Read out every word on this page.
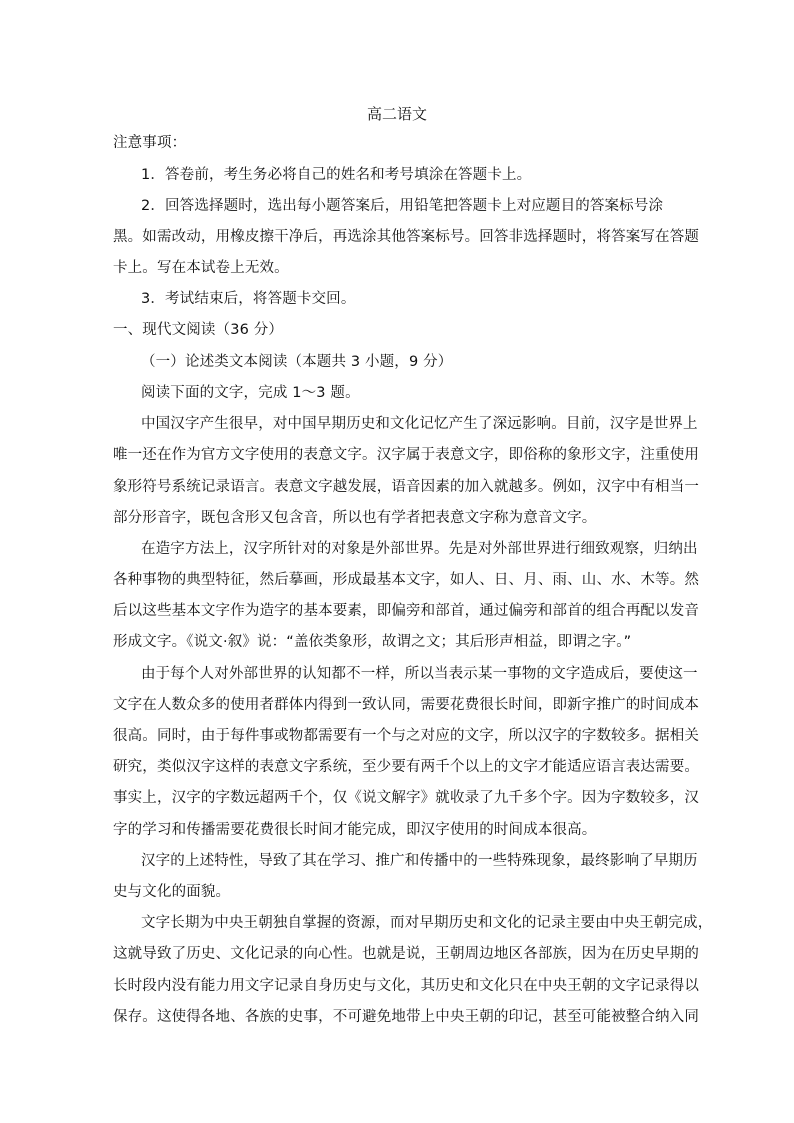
高二语文
注意事项：
1．答卷前，考生务必将自己的姓名和考号填涂在答题卡上。
2．回答选择题时，选出每小题答案后，用铅笔把答题卡上对应题目的答案标号涂
黑。如需改动，用橡皮擦干净后，再选涂其他答案标号。回答非选择题时，将答案写在答题
卡上。写在本试卷上无效。
3．考试结束后，将答题卡交回。
一、现代文阅读（36 分）
（一）论述类文本阅读（本题共 3 小题，9 分）
阅读下面的文字，完成 1～3 题。
中国汉字产生很早，对中国早期历史和文化记忆产生了深远影响。目前，汉字是世界上
唯一还在作为官方文字使用的表意文字。汉字属于表意文字，即俗称的象形文字，注重使用
象形符号系统记录语言。表意文字越发展，语音因素的加入就越多。例如，汉字中有相当一
部分形音字，既包含形又包含音，所以也有学者把表意文字称为意音文字。
在造字方法上，汉字所针对的对象是外部世界。先是对外部世界进行细致观察，归纳出
各种事物的典型特征，然后摹画，形成最基本文字，如人、日、月、雨、山、水、木等。然
后以这些基本文字作为造字的基本要素，即偏旁和部首，通过偏旁和部首的组合再配以发音
形成文字。《说文·叙》说：“盖依类象形，故谓之文；其后形声相益，即谓之字。”
由于每个人对外部世界的认知都不一样，所以当表示某一事物的文字造成后，要使这一
文字在人数众多的使用者群体内得到一致认同，需要花费很长时间，即新字推广的时间成本
很高。同时，由于每件事或物都需要有一个与之对应的文字，所以汉字的字数较多。据相关
研究，类似汉字这样的表意文字系统，至少要有两千个以上的文字才能适应语言表达需要。
事实上，汉字的字数远超两千个，仅《说文解字》就收录了九千多个字。因为字数较多，汉
字的学习和传播需要花费很长时间才能完成，即汉字使用的时间成本很高。
汉字的上述特性，导致了其在学习、推广和传播中的一些特殊现象，最终影响了早期历
史与文化的面貌。
文字长期为中央王朝独自掌握的资源，而对早期历史和文化的记录主要由中央王朝完成，
这就导致了历史、文化记录的向心性。也就是说，王朝周边地区各部族，因为在历史早期的
长时段内没有能力用文字记录自身历史与文化，其历史和文化只在中央王朝的文字记录得以
保存。这使得各地、各族的史事，不可避免地带上中央王朝的印记，甚至可能被整合纳入同
